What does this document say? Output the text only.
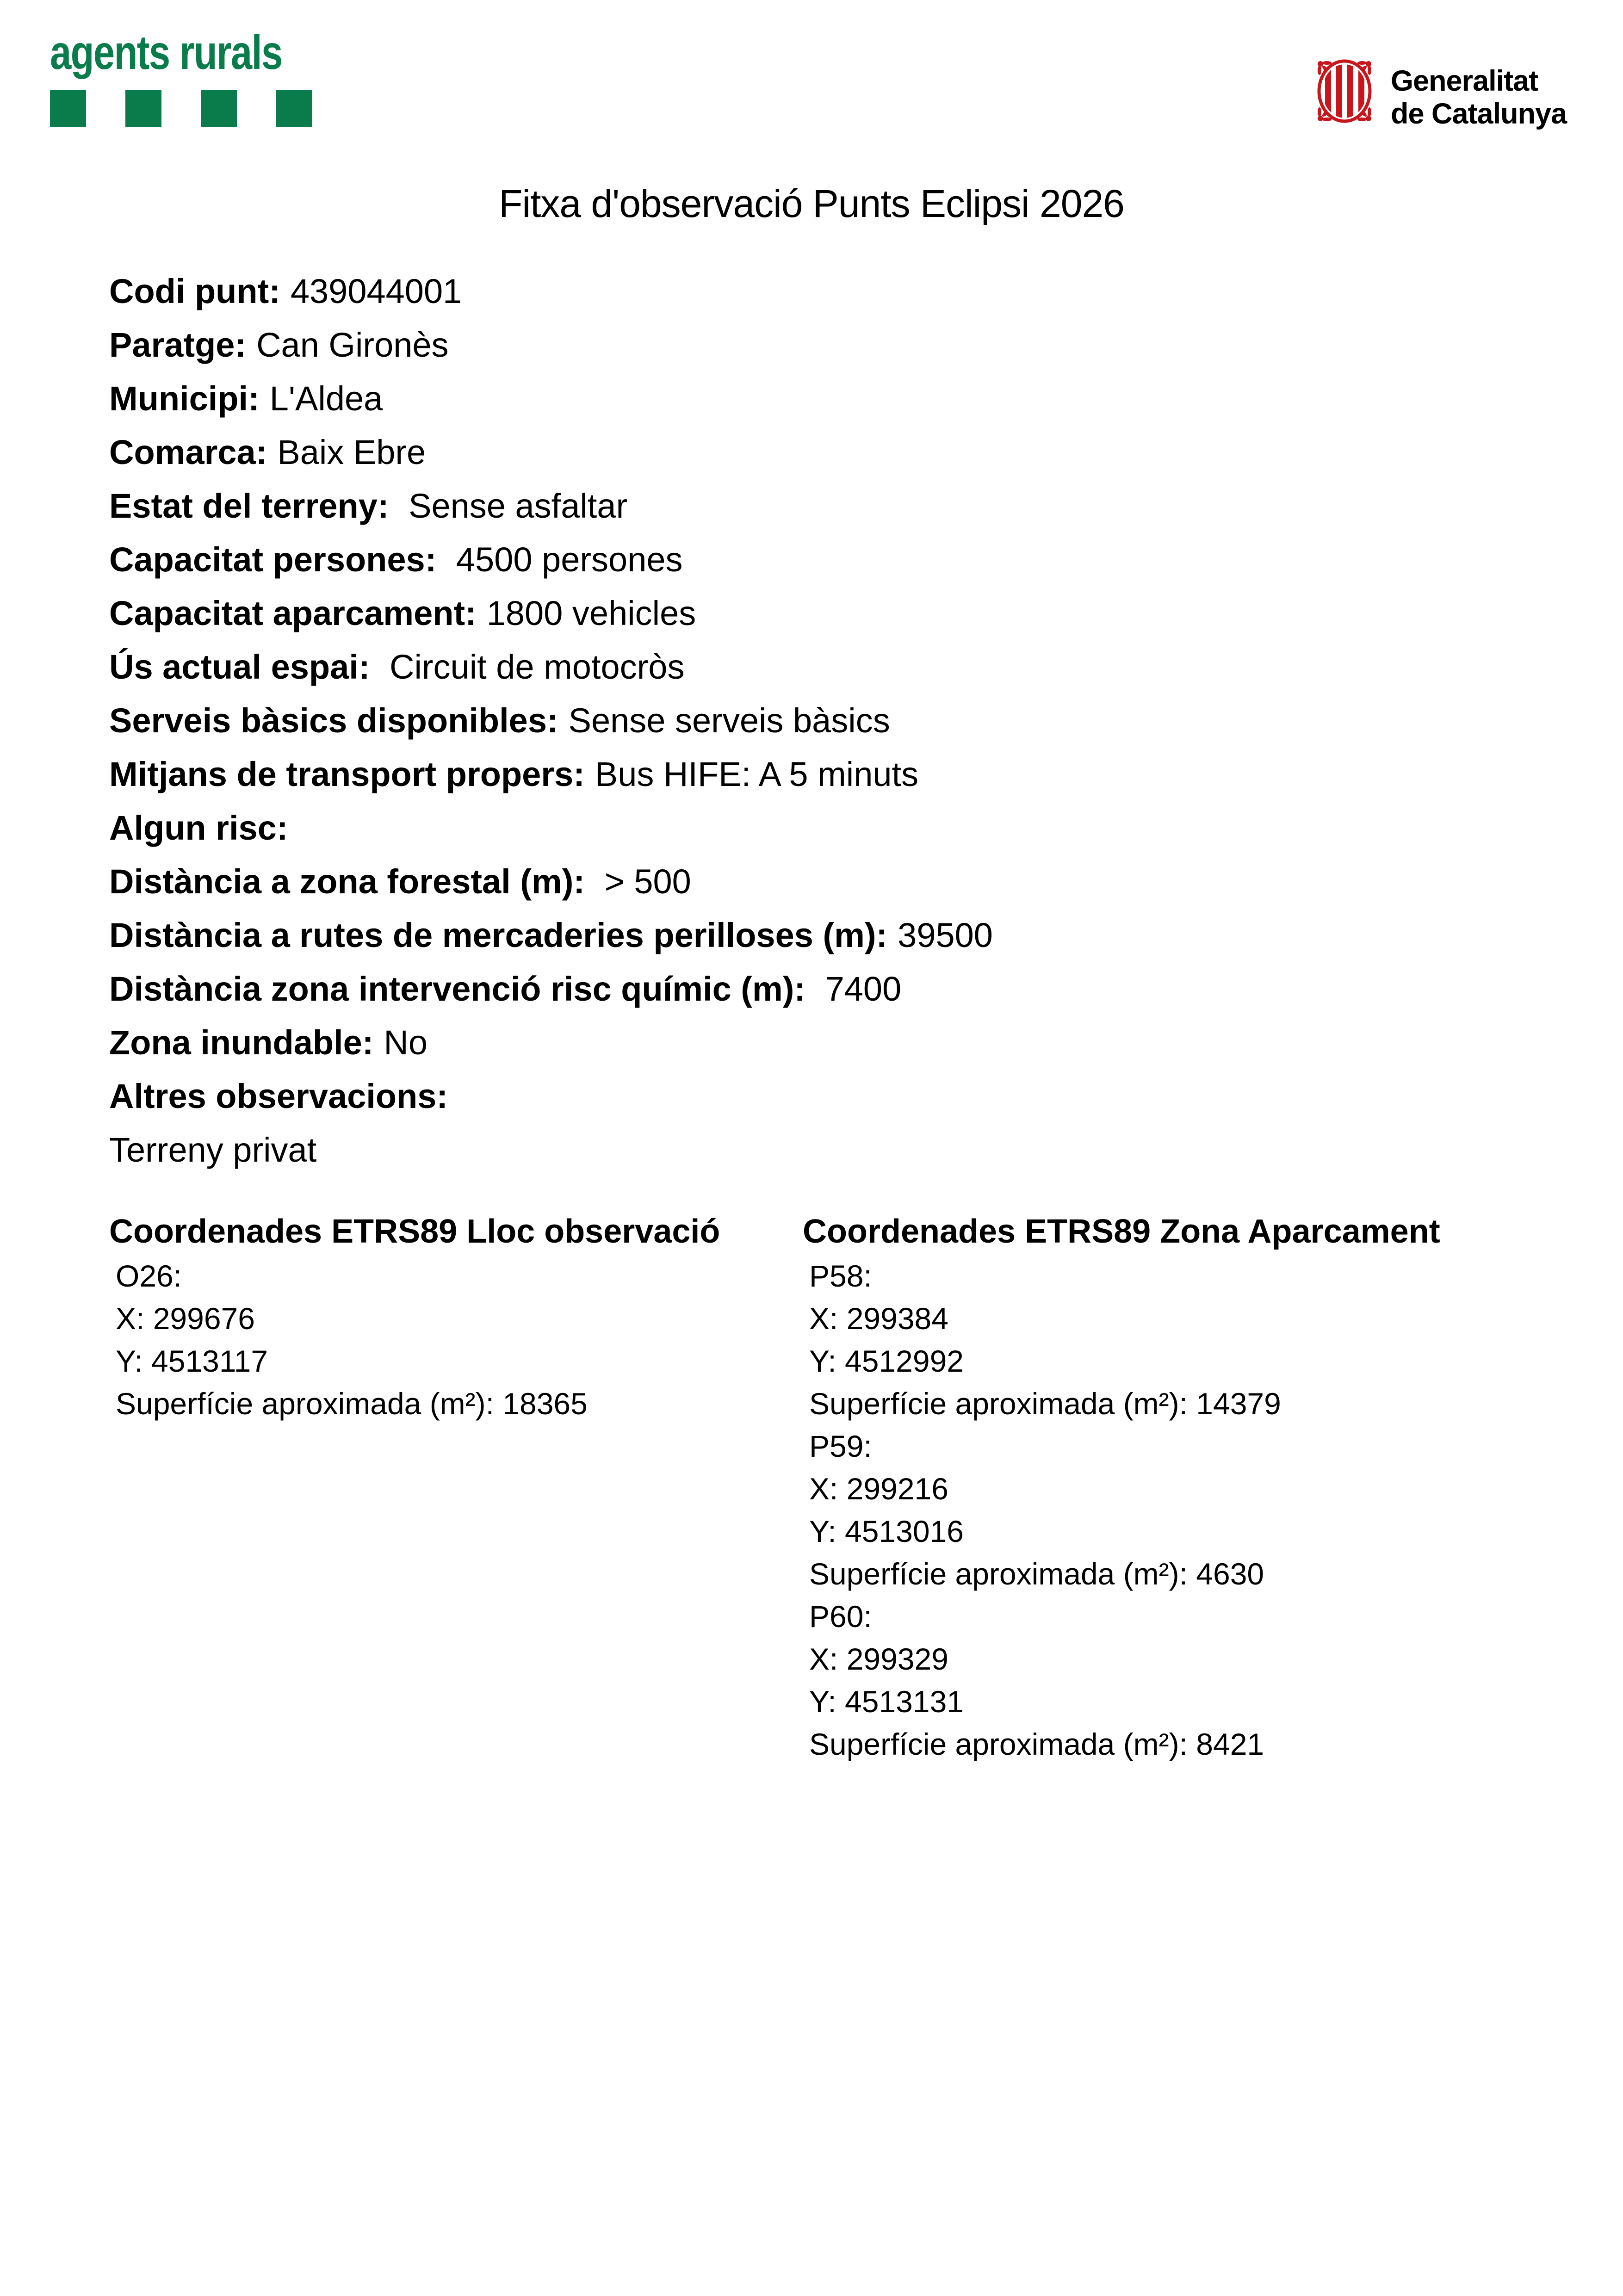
agents rurals
Generalitat
de Catalunya
Fitxa d'observació Punts Eclipsi 2026
Codi punt: 439044001
Paratge: Can Gironès
Municipi: L'Aldea
Comarca: Baix Ebre
Estat del terreny: Sense asfaltar
Capacitat persones: 4500 persones
Capacitat aparcament: 1800 vehicles
Ús actual espai: Circuit de motocròs
Serveis bàsics disponibles: Sense serveis bàsics
Mitjans de transport propers: Bus HIFE: A 5 minuts
Algun risc:
Distància a zona forestal (m): > 500
Distància a rutes de mercaderies perilloses (m): 39500
Distància zona intervenció risc químic (m): 7400
Zona inundable: No
Altres observacions:
Terreny privat
Coordenades ETRS89 Lloc observació
O26:
X: 299676
Y: 4513117
Superfície aproximada (m²): 18365
Coordenades ETRS89 Zona Aparcament
P58:
X: 299384
Y: 4512992
Superfície aproximada (m²): 14379
P59:
X: 299216
Y: 4513016
Superfície aproximada (m²): 4630
P60:
X: 299329
Y: 4513131
Superfície aproximada (m²): 8421
